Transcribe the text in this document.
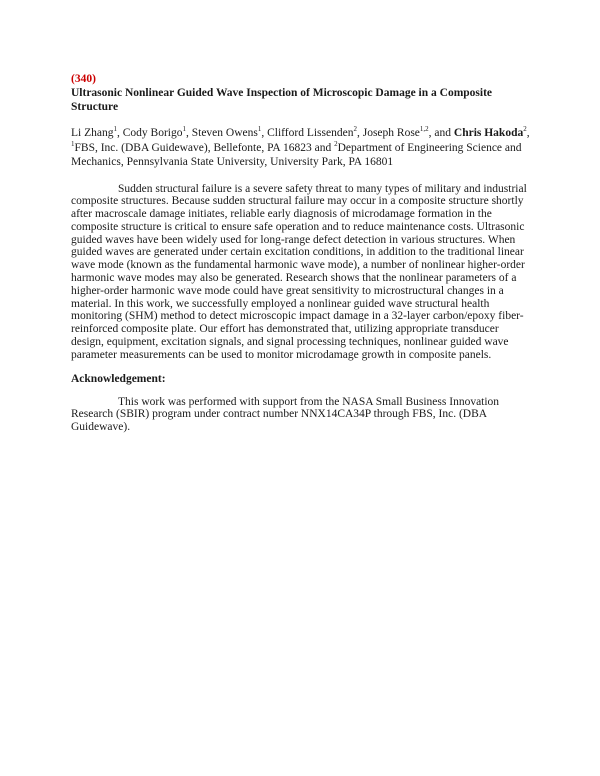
(340)

Ultrasonic Nonlinear Guided Wave Inspection of Microscopic Damage in a Composite Structure

Li Zhang$^1$, Cody Borigo$^1$, Steven Owens$^1$, Clifford Lissenden$^2$, Joseph Rose$^{1,2}$, and Chris Hakoda$^2$, $^1$FBS, Inc. (DBA Guidewave), Bellefonte, PA 16823 and $^2$Department of Engineering Science and Mechanics, Pennsylvania State University, University Park, PA 16801

Sudden structural failure is a severe safety threat to many types of military and industrial composite structures. Because sudden structural failure may occur in a composite structure shortly after macroscale damage initiates, reliable early diagnosis of microdamage formation in the composite structure is critical to ensure safe operation and to reduce maintenance costs. Ultrasonic guided waves have been widely used for long-range defect detection in various structures. When guided waves are generated under certain excitation conditions, in addition to the traditional linear wave mode (known as the fundamental harmonic wave mode), a number of nonlinear higher-order harmonic wave modes may also be generated. Research shows that the nonlinear parameters of a higher-order harmonic wave mode could have great sensitivity to microstructural changes in a material. In this work, we successfully employed a nonlinear guided wave structural health monitoring (SHM) method to detect microscopic impact damage in a 32-layer carbon/epoxy fiber-reinforced composite plate. Our effort has demonstrated that, utilizing appropriate transducer design, equipment, excitation signals, and signal processing techniques, nonlinear guided wave parameter measurements can be used to monitor microdamage growth in composite panels.

Acknowledgement:

This work was performed with support from the NASA Small Business Innovation Research (SBIR) program under contract number NNX14CA34P through FBS, Inc. (DBA Guidewave).
